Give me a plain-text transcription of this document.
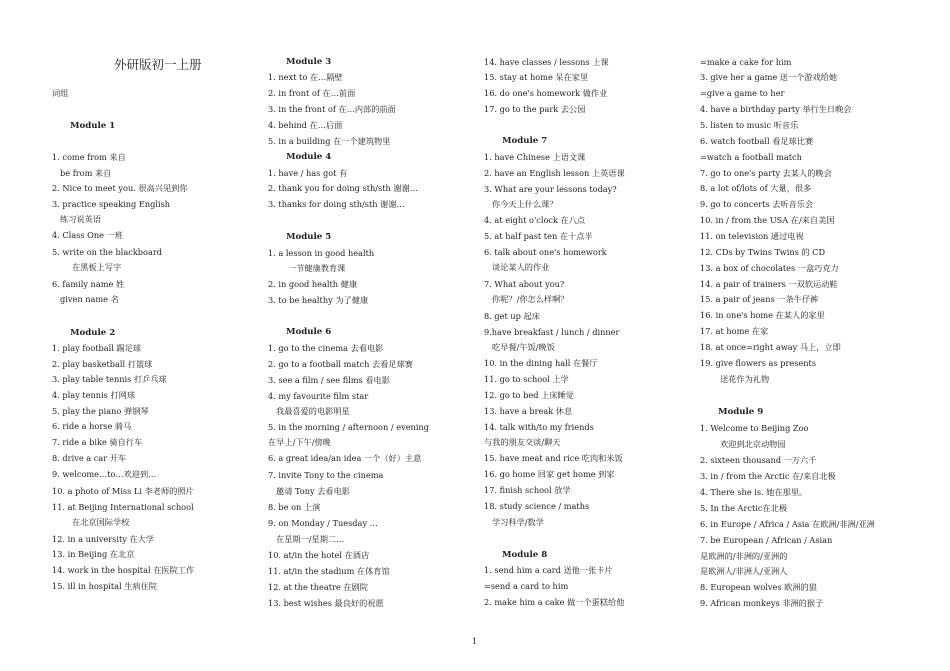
外研版初一上册
词组
Module 1
1. come from 来自
be from 来自
2. Nice to meet you. 很高兴见到你
3. practice speaking English
练习说英语
4. Class One 一班
5. write on the blackboard
在黑板上写字
6. family name 姓
given name 名
Module 2
1. play football 踢足球
2. play basketball 打篮球
3. play table tennis 打乒乓球
4. play tennis 打网球
5. play the piano 弹钢琴
6. ride a horse 骑马
7. ride a bike 骑自行车
8. drive a car 开车
9. welcome…to…欢迎到…
10. a photo of Miss Li 李老师的照片
11. at Beijing International school
在北京国际学校
12. in a university 在大学
13. in Beijing 在北京
14. work in the hospital 在医院工作
15. ill in hospital 生病住院
Module 3
1. next to 在…隔壁
2. in front of 在…前面
3. in the front of 在…内部的前面
4. behind 在…后面
5. in a building 在一个建筑物里
Module 4
1. have / has got 有
2. thank you for doing sth/sth 谢谢…
3. thanks for doing sth/sth 谢谢…
Module 5
1. a lesson in good health
一节健康教育课
2. in good health 健康
3. to be healthy 为了健康
Module 6
1. go to the cinema 去看电影
2. go to a football match 去看足球赛
3. see a film / see films 看电影
4. my favourite film star
我最喜爱的电影明星
5. in the morning / afternoon / evening
在早上/下午/傍晚
6. a great idea/an idea 一个（好）主意
7. invite Tony to the cinema
邀请 Tony 去看电影
8. be on 上演
9. on Monday / Tuesday …
在星期一/星期二…
10. at/in the hotel 在酒店
11. at/in the stadium 在体育馆
12. at the theatre 在剧院
13. best wishes 最良好的祝愿
14. have classes / lessons 上课
15. stay at home 呆在家里
16. do one's homework 做作业
17. go to the park 去公园
Module 7
1. have Chinese 上语文课
2. have an English lesson 上英语课
3. What are your lessons today?
你今天上什么课？
4. at eight o'clock 在八点
5. at half past ten 在十点半
6. talk about one's homework
谈论某人的作业
7. What about you?
你呢？/你怎么样啊？
8. get up 起床
9.have breakfast / lunch / dinner
吃早餐/午饭/晚饭
10. in the dining hall 在餐厅
11. go to school 上学
12. go to bed 上床睡觉
13. have a break 休息
14. talk with/to my friends
与我的朋友交谈/聊天
15. have meat and rice 吃肉和米饭
16. go home 回家 get home 到家
17. finish school 放学
18. study science / maths
学习科学/数学
Module 8
1. send him a card 送他一张卡片
=send a card to him
2. make him a cake 做一个蛋糕给他
=make a cake for him
3. give her a game 送一个游戏给她
=give a game to her
4. have a birthday party 举行生日晚会
5. listen to music 听音乐
6. watch football 看足球比赛
=watch a football match
7. go to one's party 去某人的晚会
8. a lot of/lots of 大量，很多
9. go to concerts 去听音乐会
10. in / from the USA 在/来自美国
11. on television 通过电视
12. CDs by Twins Twins 的 CD
13. a box of chocolates 一盒巧克力
14. a pair of trainers 一双软运动鞋
15. a pair of jeans 一条牛仔裤
16. in one's home 在某人的家里
17. at home 在家
18. at once=right away 马上，立即
19. give flowers as presents
送花作为礼物
Module 9
1. Welcome to Beijing Zoo
欢迎到北京动物园
2. sixteen thousand 一万六千
3. in / from the Arctic 在/来自北极
4. There she is. 她在那里。
5. In the Arctic在北极
6. in Europe / Africa / Asia 在欧洲/非洲/亚洲
7. be European / African / Asian
是欧洲的/非洲的/亚洲的
是欧洲人/非洲人/亚洲人
8. European wolves 欧洲的狼
9. African monkeys 非洲的猴子
1
